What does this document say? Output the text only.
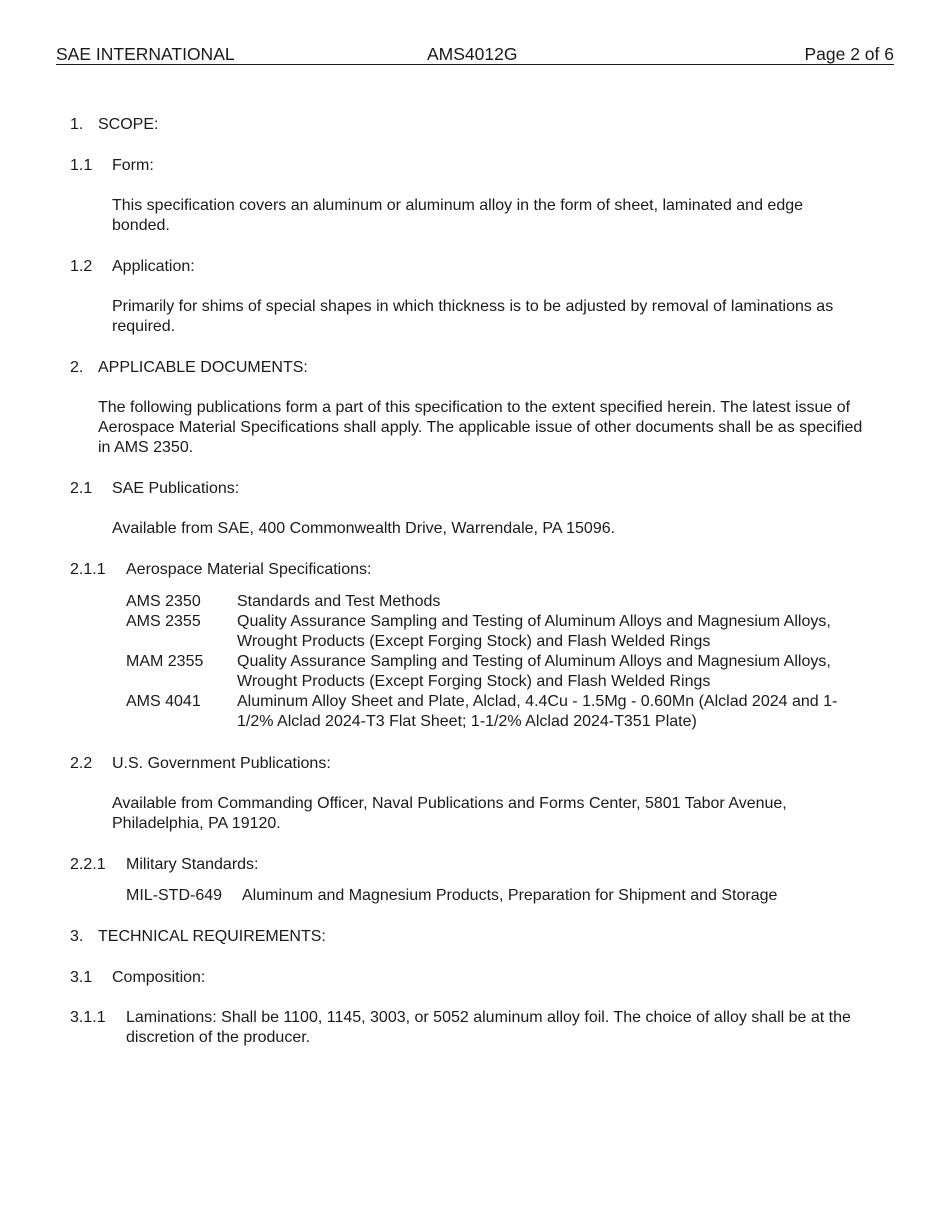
SAE INTERNATIONAL	AMS4012G	Page 2 of 6
1. SCOPE:
1.1 Form:
This specification covers an aluminum or aluminum alloy in the form of sheet, laminated and edge bonded.
1.2 Application:
Primarily for shims of special shapes in which thickness is to be adjusted by removal of laminations as required.
2. APPLICABLE DOCUMENTS:
The following publications form a part of this specification to the extent specified herein. The latest issue of Aerospace Material Specifications shall apply. The applicable issue of other documents shall be as specified in AMS 2350.
2.1 SAE Publications:
Available from SAE, 400 Commonwealth Drive, Warrendale, PA 15096.
2.1.1 Aerospace Material Specifications:
AMS 2350	Standards and Test Methods
AMS 2355	Quality Assurance Sampling and Testing of Aluminum Alloys and Magnesium Alloys, Wrought Products (Except Forging Stock) and Flash Welded Rings
MAM 2355	Quality Assurance Sampling and Testing of Aluminum Alloys and Magnesium Alloys, Wrought Products (Except Forging Stock) and Flash Welded Rings
AMS 4041	Aluminum Alloy Sheet and Plate, Alclad, 4.4Cu - 1.5Mg - 0.60Mn (Alclad 2024 and 1-1/2% Alclad 2024-T3 Flat Sheet; 1-1/2% Alclad 2024-T351 Plate)
2.2 U.S. Government Publications:
Available from Commanding Officer, Naval Publications and Forms Center, 5801 Tabor Avenue, Philadelphia, PA 19120.
2.2.1 Military Standards:
MIL-STD-649 Aluminum and Magnesium Products, Preparation for Shipment and Storage
3. TECHNICAL REQUIREMENTS:
3.1 Composition:
3.1.1 Laminations: Shall be 1100, 1145, 3003, or 5052 aluminum alloy foil. The choice of alloy shall be at the discretion of the producer.
